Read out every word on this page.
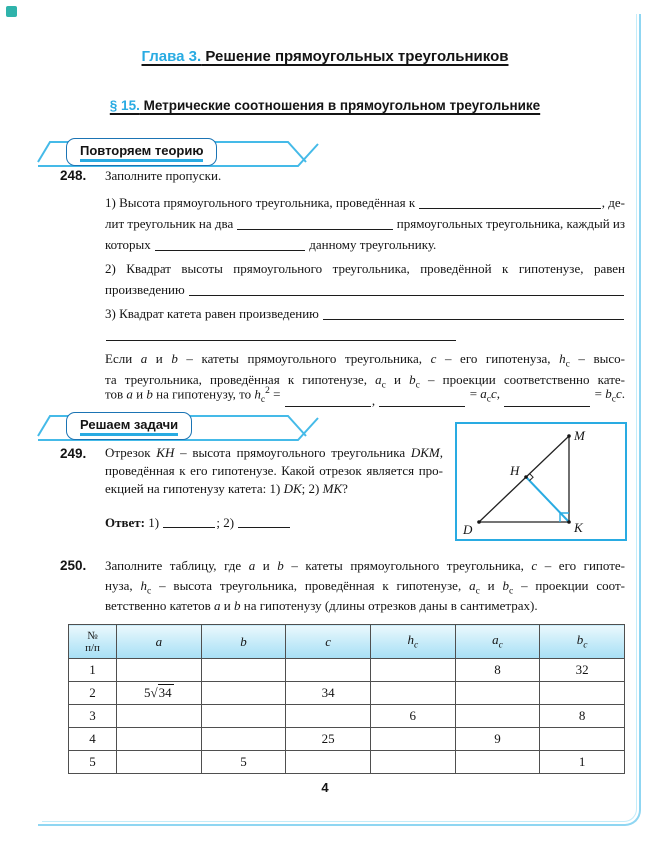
Глава 3. Решение прямоугольных треугольников
§ 15. Метрические соотношения в прямоугольном треугольнике
Повторяем теорию
248. Заполните пропуски.
1) Высота прямоугольного треугольника, проведённая к	, де-
лит треугольник на два	прямоугольных треугольника, каждый из
которых	данному треугольнику.
2) Квадрат высоты прямоугольного треугольника, проведённой к гипотенузе, равен
произведению
3) Квадрат катета равен произведению
Если a и b – катеты прямоугольного треугольника, c – его гипотенуза, $h_c$ – высо-
та треугольника, проведённая к гипотенузе, $a_c$ и $b_c$ – проекции соответственно кате-
тов a и b на гипотенузу, то $h_c^2$ =	,	= $a_cc$,	= $b_cc$.
Решаем задачи
249. Отрезок KH – высота прямоугольного треугольника DKM,
проведённая к его гипотенузе. Какой отрезок является про-
екцией на гипотенузу катета: 1) DK; 2) MK?
Ответ: 1)	; 2)
M
K
D
H
250. Заполните таблицу, где a и b – катеты прямоугольного треугольника, c – его гипоте-
нуза, $h_c$ – высота треугольника, проведённая к гипотенузе, $a_c$ и $b_c$ – проекции соот-
ветственно катетов a и b на гипотенузу (длины отрезков даны в сантиметрах).
№
п/п	a	b	c	$h_c$	$a_c$	$b_c$
1					8	32
2	5√34		34			
3				6		8
4			25		9	
5		5				1
4
